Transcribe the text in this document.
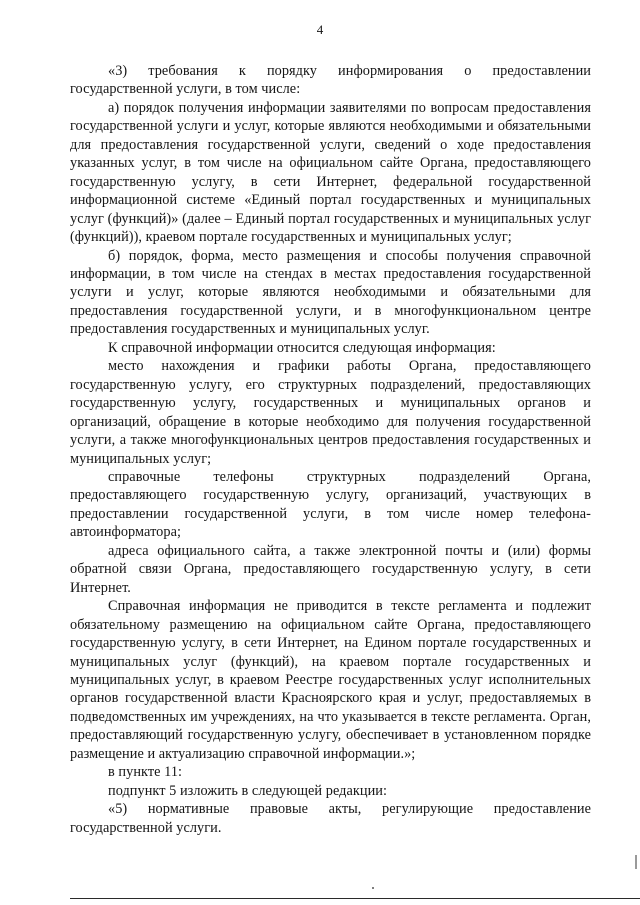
4

«3) требования к порядку информирования о предоставлении государственной услуги, в том числе:

а) порядок получения информации заявителями по вопросам предоставления государственной услуги и услуг, которые являются необходимыми и обязательными для предоставления государственной услуги, сведений о ходе предоставления указанных услуг, в том числе на официальном сайте Органа, предоставляющего государственную услугу, в сети Интернет, федеральной государственной информационной системе «Единый портал государственных и муниципальных услуг (функций)» (далее – Единый портал государственных и муниципальных услуг (функций)), краевом портале государственных и муниципальных услуг;

б) порядок, форма, место размещения и способы получения справочной информации, в том числе на стендах в местах предоставления государственной услуги и услуг, которые являются необходимыми и обязательными для предоставления государственной услуги, и в многофункциональном центре предоставления государственных и муниципальных услуг.

К справочной информации относится следующая информация:

место нахождения и графики работы Органа, предоставляющего государственную услугу, его структурных подразделений, предоставляющих государственную услугу, государственных и муниципальных органов и организаций, обращение в которые необходимо для получения государственной услуги, а также многофункциональных центров предоставления государственных и муниципальных услуг;

справочные телефоны структурных подразделений Органа, предоставляющего государственную услугу, организаций, участвующих в предоставлении государственной услуги, в том числе номер телефона-автоинформатора;

адреса официального сайта, а также электронной почты и (или) формы обратной связи Органа, предоставляющего государственную услугу, в сети Интернет.

Справочная информация не приводится в тексте регламента и подлежит обязательному размещению на официальном сайте Органа, предоставляющего государственную услугу, в сети Интернет, на Едином портале государственных и муниципальных услуг (функций), на краевом портале государственных и муниципальных услуг, в краевом Реестре государственных услуг исполнительных органов государственной власти Красноярского края и услуг, предоставляемых в подведомственных им учреждениях, на что указывается в тексте регламента. Орган, предоставляющий государственную услугу, обеспечивает в установленном порядке размещение и актуализацию справочной информации.»;

в пункте 11:

подпункт 5 изложить в следующей редакции:

«5) нормативные правовые акты, регулирующие предоставление государственной услуги.
